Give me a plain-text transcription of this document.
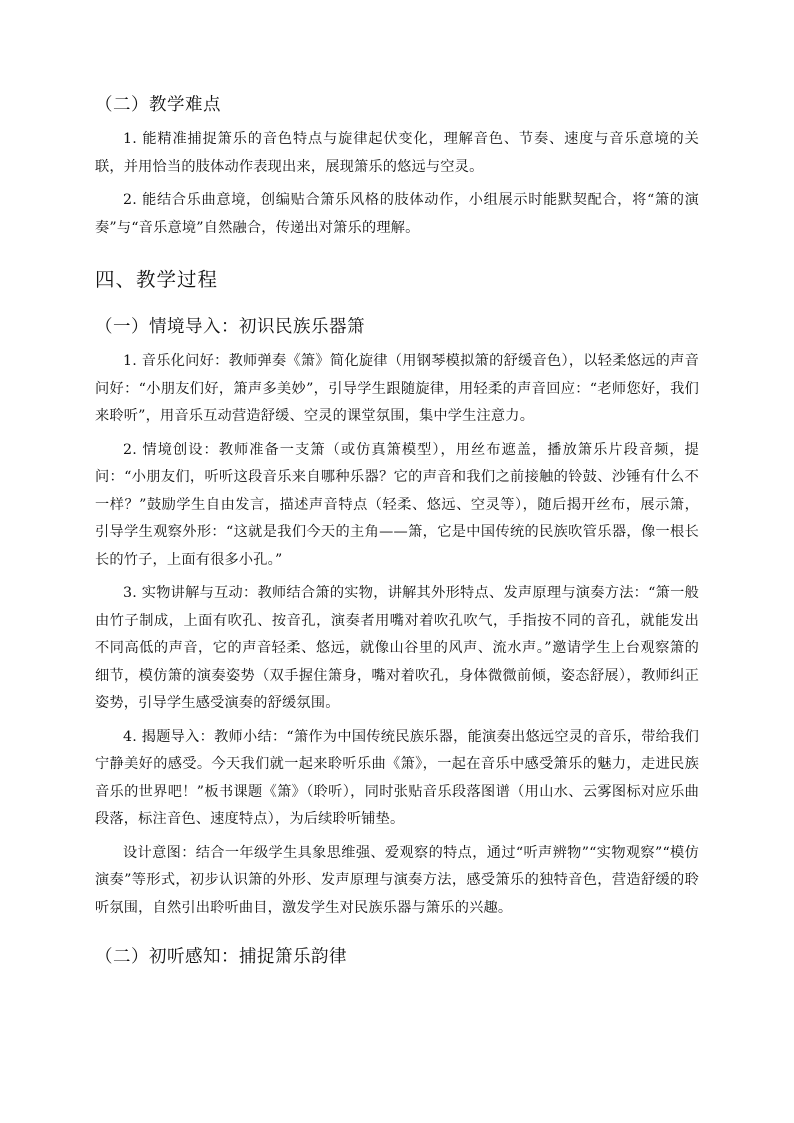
（二）教学难点

1. 能精准捕捉箫乐的音色特点与旋律起伏变化，理解音色、节奏、速度与音乐意境的关联，并用恰当的肢体动作表现出来，展现箫乐的悠远与空灵。

2. 能结合乐曲意境，创编贴合箫乐风格的肢体动作，小组展示时能默契配合，将“箫的演奏”与“音乐意境”自然融合，传递出对箫乐的理解。

四、教学过程
（一）情境导入：初识民族乐器箫

1. 音乐化问好：教师弹奏《箫》简化旋律（用钢琴模拟箫的舒缓音色），以轻柔悠远的声音问好：“小朋友们好，箫声多美妙”，引导学生跟随旋律，用轻柔的声音回应：“老师您好，我们来聆听”，用音乐互动营造舒缓、空灵的课堂氛围，集中学生注意力。

2. 情境创设：教师准备一支箫（或仿真箫模型），用丝布遮盖，播放箫乐片段音频，提问：“小朋友们，听听这段音乐来自哪种乐器？它的声音和我们之前接触的铃鼓、沙锤有什么不一样？”鼓励学生自由发言，描述声音特点（轻柔、悠远、空灵等），随后揭开丝布，展示箫，引导学生观察外形：“这就是我们今天的主角——箫，它是中国传统的民族吹管乐器，像一根长长的竹子，上面有很多小孔。”

3. 实物讲解与互动：教师结合箫的实物，讲解其外形特点、发声原理与演奏方法：“箫一般由竹子制成，上面有吹孔、按音孔，演奏者用嘴对着吹孔吹气，手指按不同的音孔，就能发出不同高低的声音，它的声音轻柔、悠远，就像山谷里的风声、流水声。”邀请学生上台观察箫的细节，模仿箫的演奏姿势（双手握住箫身，嘴对着吹孔，身体微微前倾，姿态舒展），教师纠正姿势，引导学生感受演奏的舒缓氛围。

4. 揭题导入：教师小结：“箫作为中国传统民族乐器，能演奏出悠远空灵的音乐，带给我们宁静美好的感受。今天我们就一起来聆听乐曲《箫》，一起在音乐中感受箫乐的魅力，走进民族音乐的世界吧！”板书课题《箫》（聆听），同时张贴音乐段落图谱（用山水、云雾图标对应乐曲段落，标注音色、速度特点），为后续聆听铺垫。

设计意图：结合一年级学生具象思维强、爱观察的特点，通过“听声辨物”“实物观察”“模仿演奏”等形式，初步认识箫的外形、发声原理与演奏方法，感受箫乐的独特音色，营造舒缓的聆听氛围，自然引出聆听曲目，激发学生对民族乐器与箫乐的兴趣。

（二）初听感知：捕捉箫乐韵律
